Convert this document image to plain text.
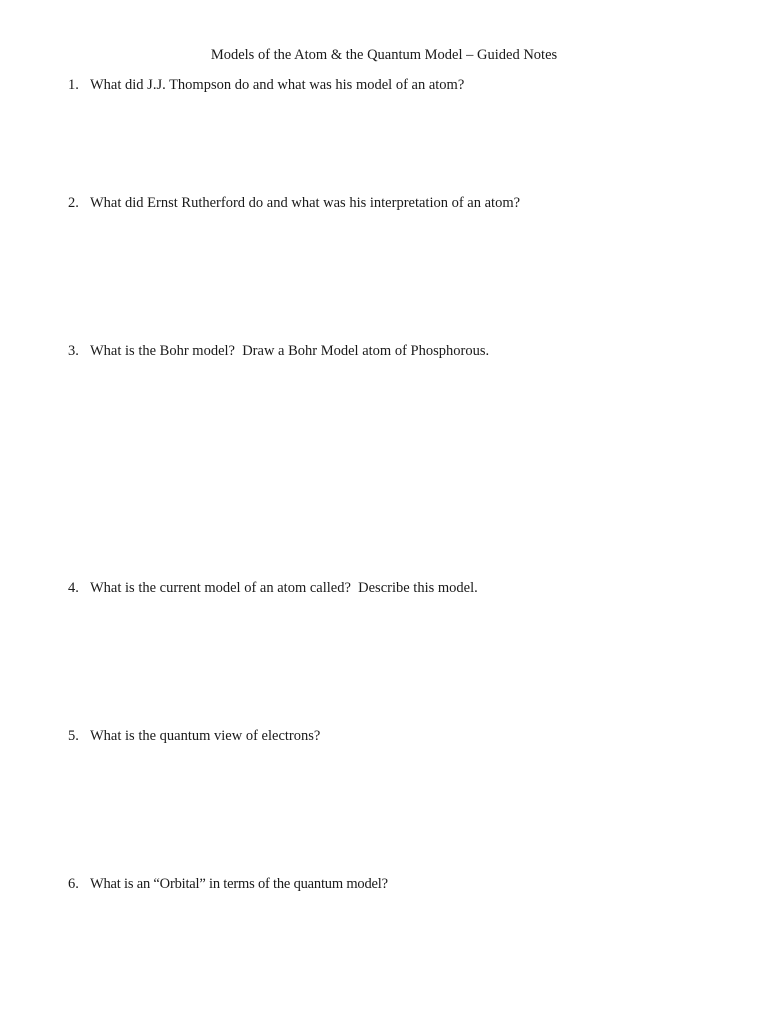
Models of the Atom & the Quantum Model – Guided Notes
1. What did J.J. Thompson do and what was his model of an atom?
2. What did Ernst Rutherford do and what was his interpretation of an atom?
3. What is the Bohr model?  Draw a Bohr Model atom of Phosphorous.
4. What is the current model of an atom called?  Describe this model.
5. What is the quantum view of electrons?
6. What is an “Orbital” in terms of the quantum model?
